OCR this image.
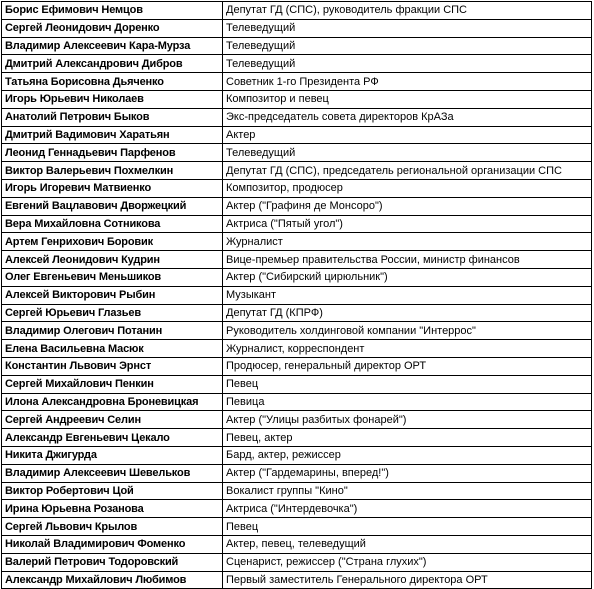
Борис Ефимович Немцов	Депутат ГД (СПС), руководитель фракции СПС
Сергей Леонидович Доренко	Телеведущий
Владимир Алексеевич Кара-Мурза	Телеведущий
Дмитрий Александрович Дибров	Телеведущий
Татьяна Борисовна Дьяченко	Советник 1-го Президента РФ
Игорь Юрьевич Николаев	Композитор и певец
Анатолий Петрович Быков	Экс-председатель совета директоров КрАЗа
Дмитрий Вадимович Харатьян	Актер
Леонид Геннадьевич Парфенов	Телеведущий
Виктор Валерьевич Похмелкин	Депутат ГД (СПС), председатель региональной организации СПС
Игорь Игоревич Матвиенко	Композитор, продюсер
Евгений Вацлавович Дворжецкий	Актер ("Графиня де Монсоро")
Вера Михайловна Сотникова	Актриса ("Пятый угол")
Артем Генрихович Боровик	Журналист
Алексей Леонидович Кудрин	Вице-премьер правительства России, министр финансов
Олег Евгеньевич Меньшиков	Актер ("Сибирский цирюльник")
Алексей Викторович Рыбин	Музыкант
Сергей Юрьевич Глазьев	Депутат ГД (КПРФ)
Владимир Олегович Потанин	Руководитель холдинговой компании "Интеррос"
Елена Васильевна Масюк	Журналист, корреспондент
Константин Львович Эрнст	Продюсер, генеральный директор ОРТ
Сергей Михайлович Пенкин	Певец
Илона Александровна Броневицкая	Певица
Сергей Андреевич Селин	Актер ("Улицы разбитых фонарей")
Александр Евгеньевич Цекало	Певец, актер
Никита Джигурда	Бард, актер, режиссер
Владимир Алексеевич Шевельков	Актер ("Гардемарины, вперед!")
Виктор Робертович Цой	Вокалист группы "Кино"
Ирина Юрьевна Розанова	Актриса ("Интердевочка")
Сергей Львович Крылов	Певец
Николай Владимирович Фоменко	Актер, певец, телеведущий
Валерий Петрович Тодоровский	Сценарист, режиссер ("Страна глухих")
Александр Михайлович Любимов	Первый заместитель Генерального директора ОРТ
